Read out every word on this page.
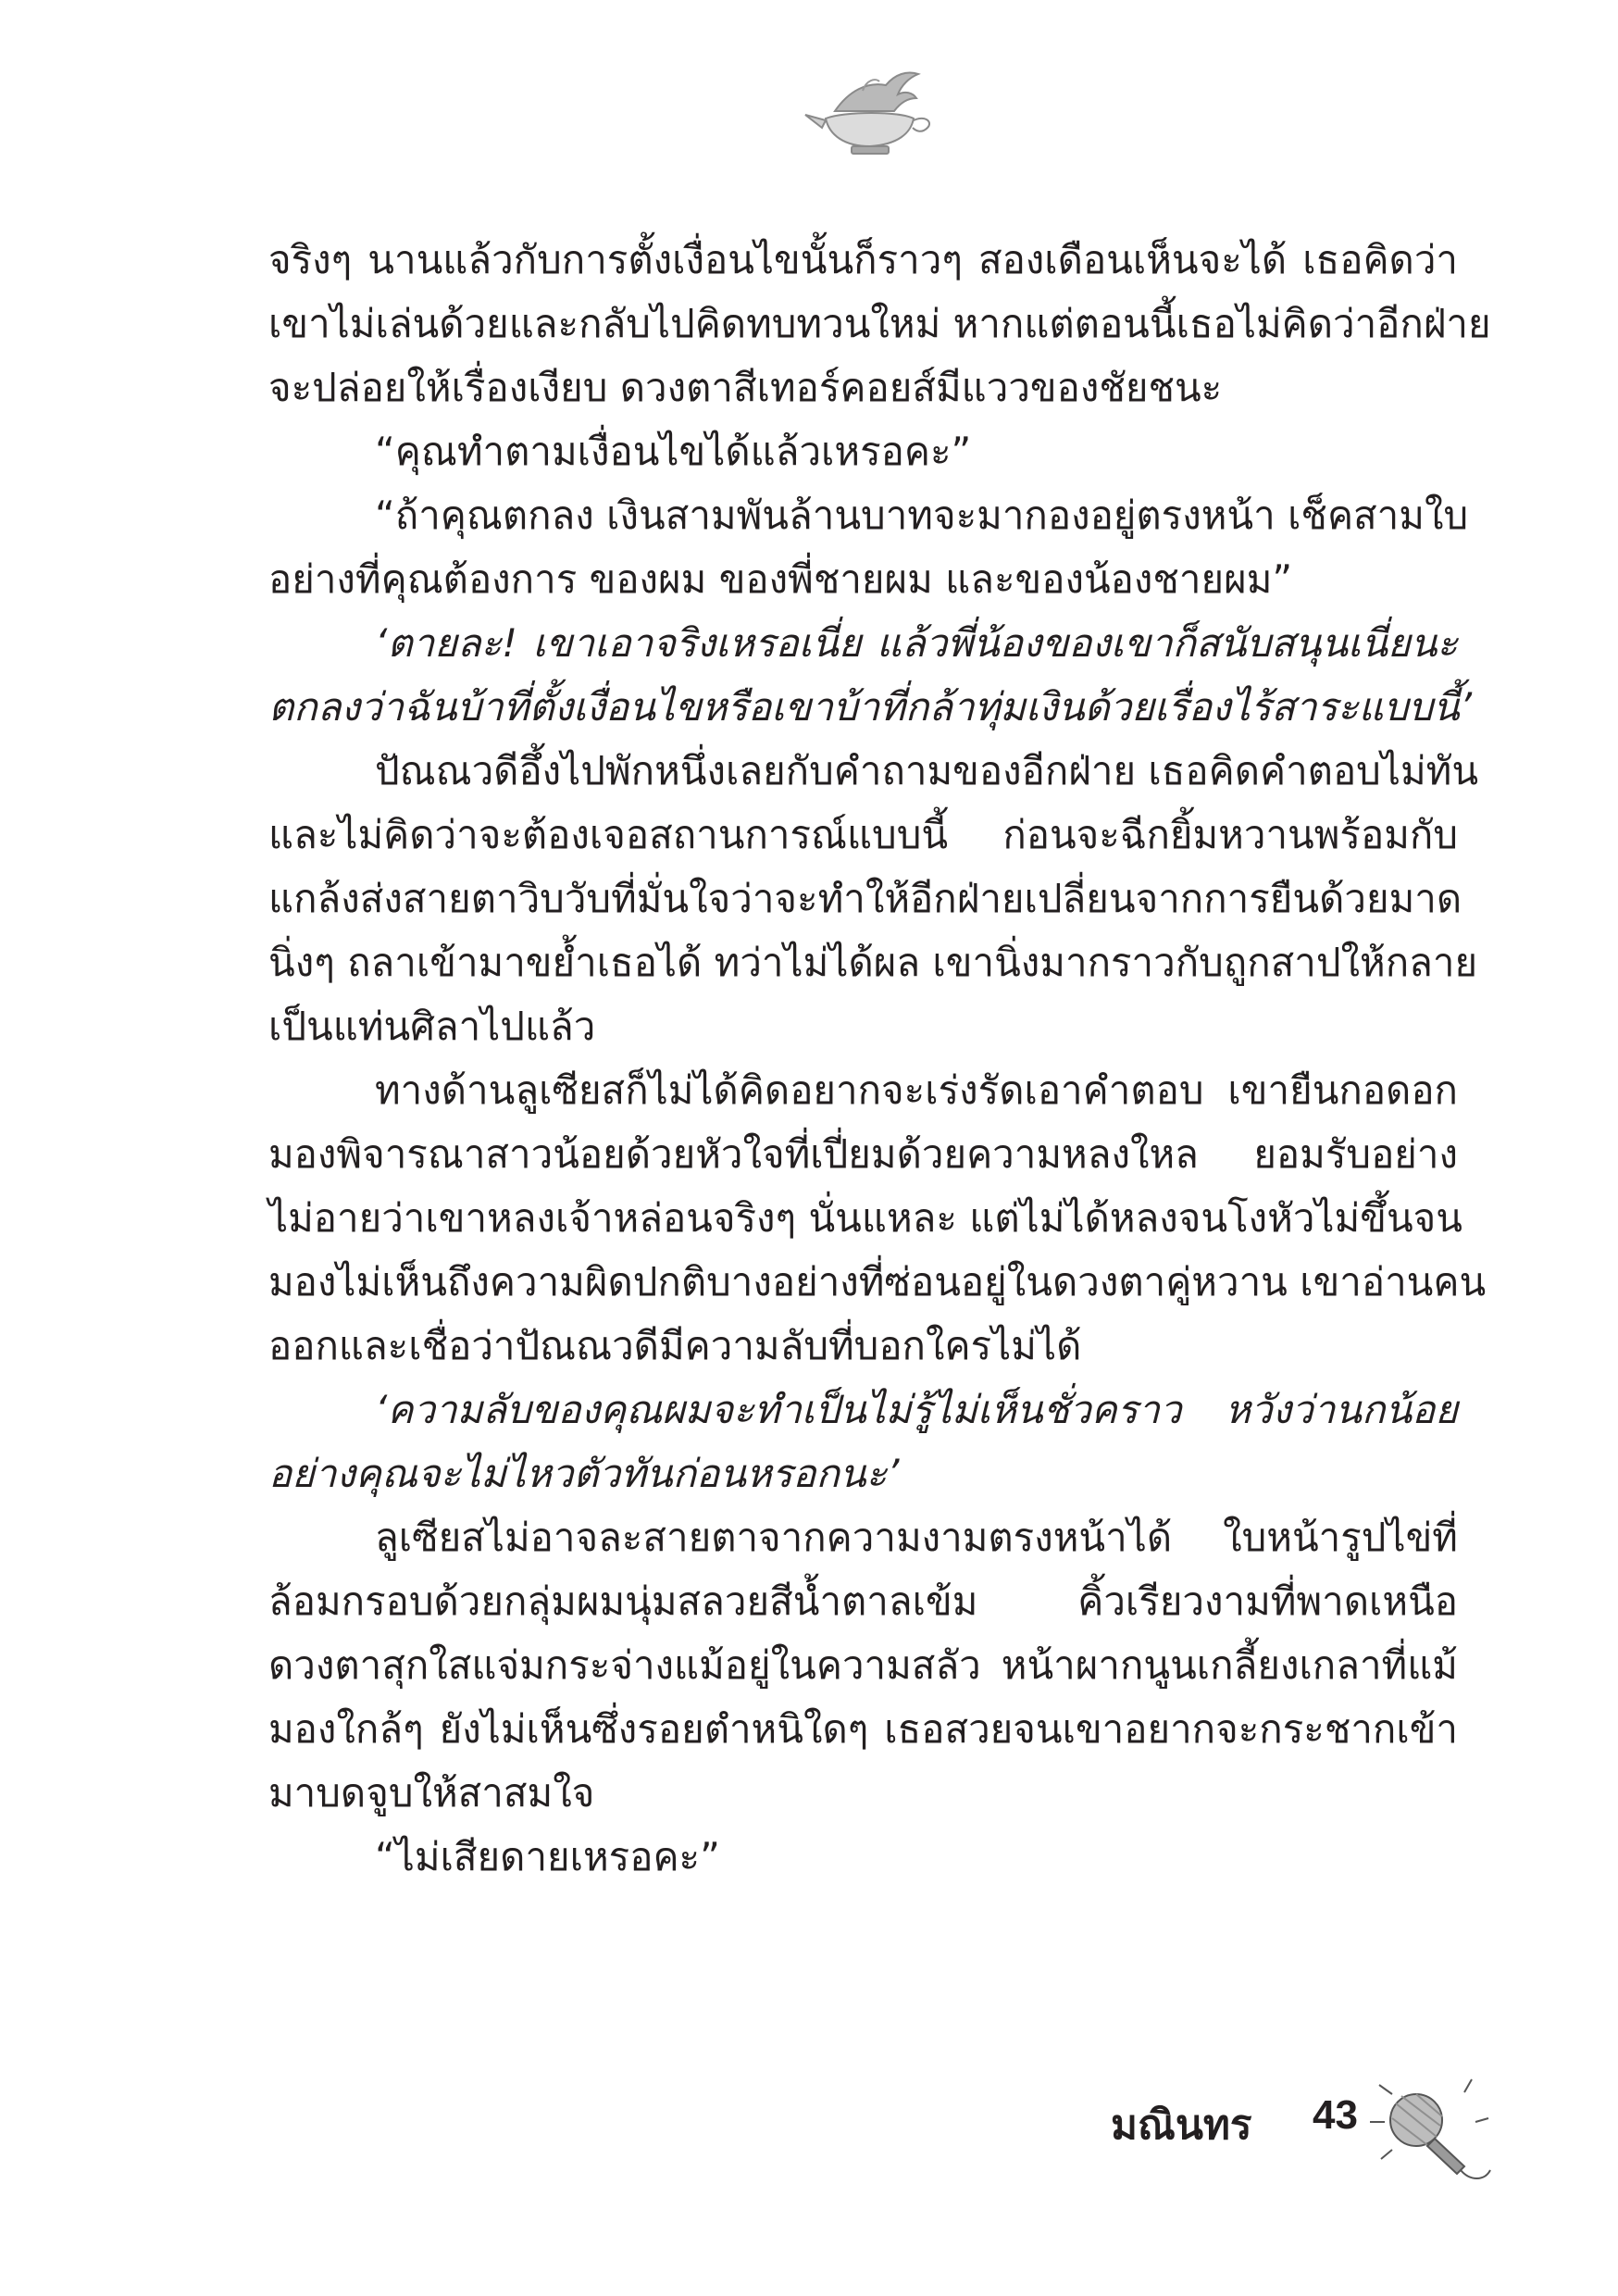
จริงๆ นานแล้วกับการตั้งเงื่อนไขนั้นก็ราวๆ สองเดือนเห็นจะได้ เธอคิดว่า
เขาไม่เล่นด้วยและกลับไปคิดทบทวนใหม่ หากแต่ตอนนี้เธอไม่คิดว่าอีกฝ่าย
จะปล่อยให้เรื่องเงียบ ดวงตาสีเทอร์คอยส์มีแววของชัยชนะ
“คุณทำตามเงื่อนไขได้แล้วเหรอคะ”
“ถ้าคุณตกลง เงินสามพันล้านบาทจะมากองอยู่ตรงหน้า เช็คสามใบ
อย่างที่คุณต้องการ ของผม ของพี่ชายผม และของน้องชายผม”
‘ตายละ! เขาเอาจริงเหรอเนี่ย แล้วพี่น้องของเขาก็สนับสนุนเนี่ยนะ
ตกลงว่าฉันบ้าที่ตั้งเงื่อนไขหรือเขาบ้าที่กล้าทุ่มเงินด้วยเรื่องไร้สาระแบบนี้’
ปัณณวดีอึ้งไปพักหนึ่งเลยกับคำถามของอีกฝ่าย เธอคิดคำตอบไม่ทัน
และไม่คิดว่าจะต้องเจอสถานการณ์แบบนี้ ก่อนจะฉีกยิ้มหวานพร้อมกับ
แกล้งส่งสายตาวิบวับที่มั่นใจว่าจะทำให้อีกฝ่ายเปลี่ยนจากการยืนด้วยมาด
นิ่งๆ ถลาเข้ามาขย้ำเธอได้ ทว่าไม่ได้ผล เขานิ่งมากราวกับถูกสาปให้กลาย
เป็นแท่นศิลาไปแล้ว
ทางด้านลูเซียสก็ไม่ได้คิดอยากจะเร่งรัดเอาคำตอบ เขายืนกอดอก
มองพิจารณาสาวน้อยด้วยหัวใจที่เปี่ยมด้วยความหลงใหล ยอมรับอย่าง
ไม่อายว่าเขาหลงเจ้าหล่อนจริงๆ นั่นแหละ แต่ไม่ได้หลงจนโงหัวไม่ขึ้นจน
มองไม่เห็นถึงความผิดปกติบางอย่างที่ซ่อนอยู่ในดวงตาคู่หวาน เขาอ่านคน
ออกและเชื่อว่าปัณณวดีมีความลับที่บอกใครไม่ได้
‘ความลับของคุณผมจะทำเป็นไม่รู้ไม่เห็นชั่วคราว หวังว่านกน้อย
อย่างคุณจะไม่ไหวตัวทันก่อนหรอกนะ’
ลูเซียสไม่อาจละสายตาจากความงามตรงหน้าได้ ใบหน้ารูปไข่ที่
ล้อมกรอบด้วยกลุ่มผมนุ่มสลวยสีน้ำตาลเข้ม คิ้วเรียวงามที่พาดเหนือ
ดวงตาสุกใสแจ่มกระจ่างแม้อยู่ในความสลัว หน้าผากนูนเกลี้ยงเกลาที่แม้
มองใกล้ๆ ยังไม่เห็นซึ่งรอยตำหนิใดๆ เธอสวยจนเขาอยากจะกระชากเข้า
มาบดจูบให้สาสมใจ
“ไม่เสียดายเหรอคะ”
มณินทร 43
